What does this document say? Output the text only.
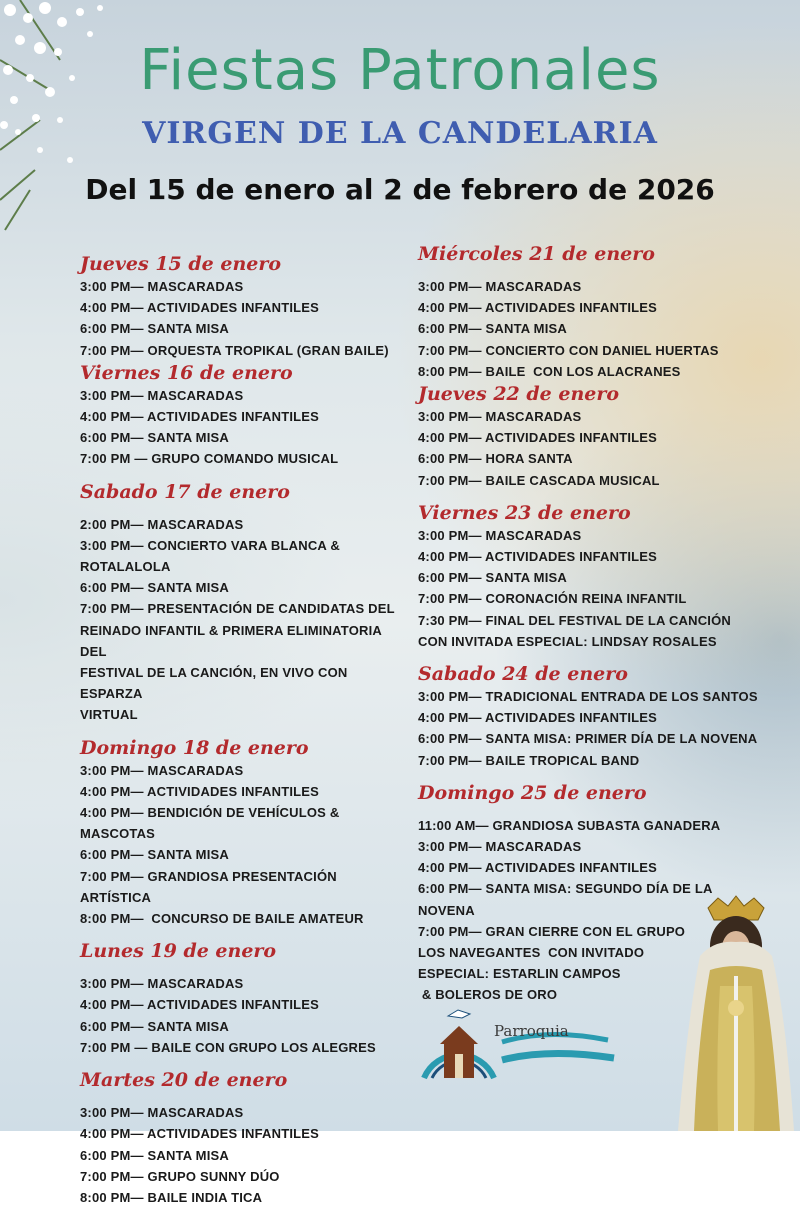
Fiestas Patronales
VIRGEN DE LA CANDELARIA
Del 15 de enero al 2 de febrero de 2026
Jueves 15 de enero
3:00 PM— MASCARADAS
4:00 PM— ACTIVIDADES INFANTILES
6:00 PM— SANTA MISA
7:00 PM— ORQUESTA TROPIKAL (GRAN BAILE)
Viernes 16 de enero
3:00 PM— MASCARADAS
4:00 PM— ACTIVIDADES INFANTILES
6:00 PM— SANTA MISA
7:00 PM — GRUPO COMANDO MUSICAL
Sabado 17 de enero
2:00 PM— MASCARADAS
3:00 PM— CONCIERTO VARA BLANCA & ROTALALOLA
6:00 PM— SANTA MISA
7:00 PM— PRESENTACIÓN DE CANDIDATAS DEL
REINADO INFANTIL & PRIMERA ELIMINATORIA DEL
FESTIVAL DE LA CANCIÓN, EN VIVO CON ESPARZA
VIRTUAL
Domingo 18 de enero
3:00 PM— MASCARADAS
4:00 PM— ACTIVIDADES INFANTILES
4:00 PM— BENDICIÓN DE VEHÍCULOS & MASCOTAS
6:00 PM— SANTA MISA
7:00 PM— GRANDIOSA PRESENTACIÓN ARTÍSTICA
8:00 PM—  CONCURSO DE BAILE AMATEUR
Lunes 19 de enero
3:00 PM— MASCARADAS
4:00 PM— ACTIVIDADES INFANTILES
6:00 PM— SANTA MISA
7:00 PM — BAILE CON GRUPO LOS ALEGRES
Martes 20 de enero
3:00 PM— MASCARADAS
4:00 PM— ACTIVIDADES INFANTILES
6:00 PM— SANTA MISA
7:00 PM— GRUPO SUNNY DÚO
8:00 PM— BAILE INDIA TICA
Miércoles 21 de enero
3:00 PM— MASCARADAS
4:00 PM— ACTIVIDADES INFANTILES
6:00 PM— SANTA MISA
7:00 PM— CONCIERTO CON DANIEL HUERTAS
8:00 PM— BAILE  CON LOS ALACRANES
Jueves 22 de enero
3:00 PM— MASCARADAS
4:00 PM— ACTIVIDADES INFANTILES
6:00 PM— HORA SANTA
7:00 PM— BAILE CASCADA MUSICAL
Viernes 23 de enero
3:00 PM— MASCARADAS
4:00 PM— ACTIVIDADES INFANTILES
6:00 PM— SANTA MISA
7:00 PM— CORONACIÓN REINA INFANTIL
7:30 PM— FINAL DEL FESTIVAL DE LA CANCIÓN
CON INVITADA ESPECIAL: LINDSAY ROSALES
Sabado 24 de enero
3:00 PM— TRADICIONAL ENTRADA DE LOS SANTOS
4:00 PM— ACTIVIDADES INFANTILES
6:00 PM— SANTA MISA: PRIMER DÍA DE LA NOVENA
7:00 PM— BAILE TROPICAL BAND
Domingo 25 de enero
11:00 AM— GRANDIOSA SUBASTA GANADERA
3:00 PM— MASCARADAS
4:00 PM— ACTIVIDADES INFANTILES
6:00 PM— SANTA MISA: SEGUNDO DÍA DE LA NOVENA
7:00 PM— GRAN CIERRE CON EL GRUPO
LOS NAVEGANTES  CON INVITADO
ESPECIAL: ESTARLIN CAMPOS
& BOLEROS DE ORO
Parroquia
